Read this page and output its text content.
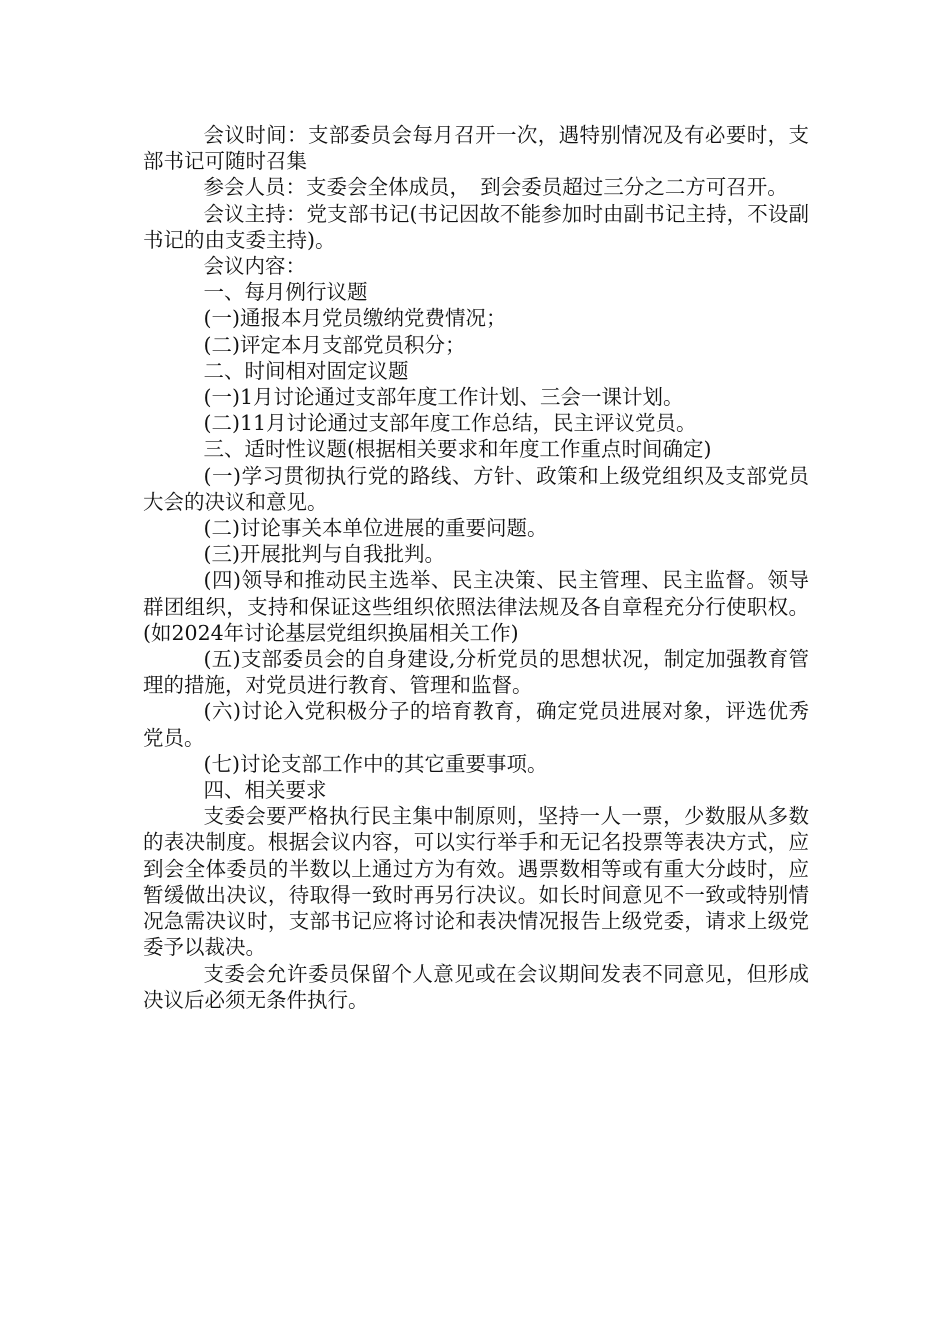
会议时间：支部委员会每月召开一次，遇特别情况及有必要时，支部书记可随时召集

参会人员：支委会全体成员，　到会委员超过三分之二方可召开。

会议主持：党支部书记(书记因故不能参加时由副书记主持，不设副书记的由支委主持)。

会议内容：

一、每月例行议题

(一)通报本月党员缴纳党费情况；

(二)评定本月支部党员积分；

二、时间相对固定议题

(一)1月讨论通过支部年度工作计划、三会一课计划。

(二)11月讨论通过支部年度工作总结，民主评议党员。

三、适时性议题(根据相关要求和年度工作重点时间确定)

(一)学习贯彻执行党的路线、方针、政策和上级党组织及支部党员大会的决议和意见。

(二)讨论事关本单位进展的重要问题。

(三)开展批判与自我批判。

(四)领导和推动民主选举、民主决策、民主管理、民主监督。领导群团组织，支持和保证这些组织依照法律法规及各自章程充分行使职权。(如2024年讨论基层党组织换届相关工作)

(五)支部委员会的自身建设,分析党员的思想状况，制定加强教育管理的措施，对党员进行教育、管理和监督。

(六)讨论入党积极分子的培育教育，确定党员进展对象，评选优秀党员。

(七)讨论支部工作中的其它重要事项。

四、相关要求

支委会要严格执行民主集中制原则，坚持一人一票，少数服从多数的表决制度。根据会议内容，可以实行举手和无记名投票等表决方式，应到会全体委员的半数以上通过方为有效。遇票数相等或有重大分歧时，应暂缓做出决议，待取得一致时再另行决议。如长时间意见不一致或特别情况急需决议时，支部书记应将讨论和表决情况报告上级党委，请求上级党委予以裁决。

支委会允许委员保留个人意见或在会议期间发表不同意见，但形成决议后必须无条件执行。
